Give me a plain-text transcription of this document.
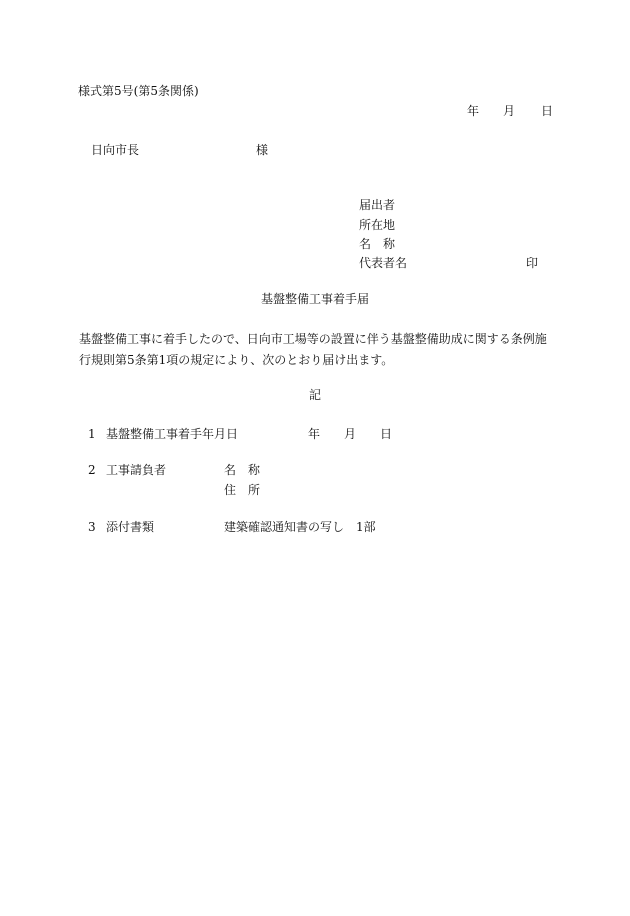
様式第5号(第5条関係)
年 月 日
日向市長	様
届出者
所在地
名　称
代表者名	印
基盤整備工事着手届
基盤整備工事に着手したので、日向市工場等の設置に伴う基盤整備助成に関する条例施行規則第5条第1項の規定により、次のとおり届け出ます。
記
1 基盤整備工事着手年月日	年 月 日
2 工事請負者	名　称
住　所
3 添付書類	建築確認通知書の写し　1部
